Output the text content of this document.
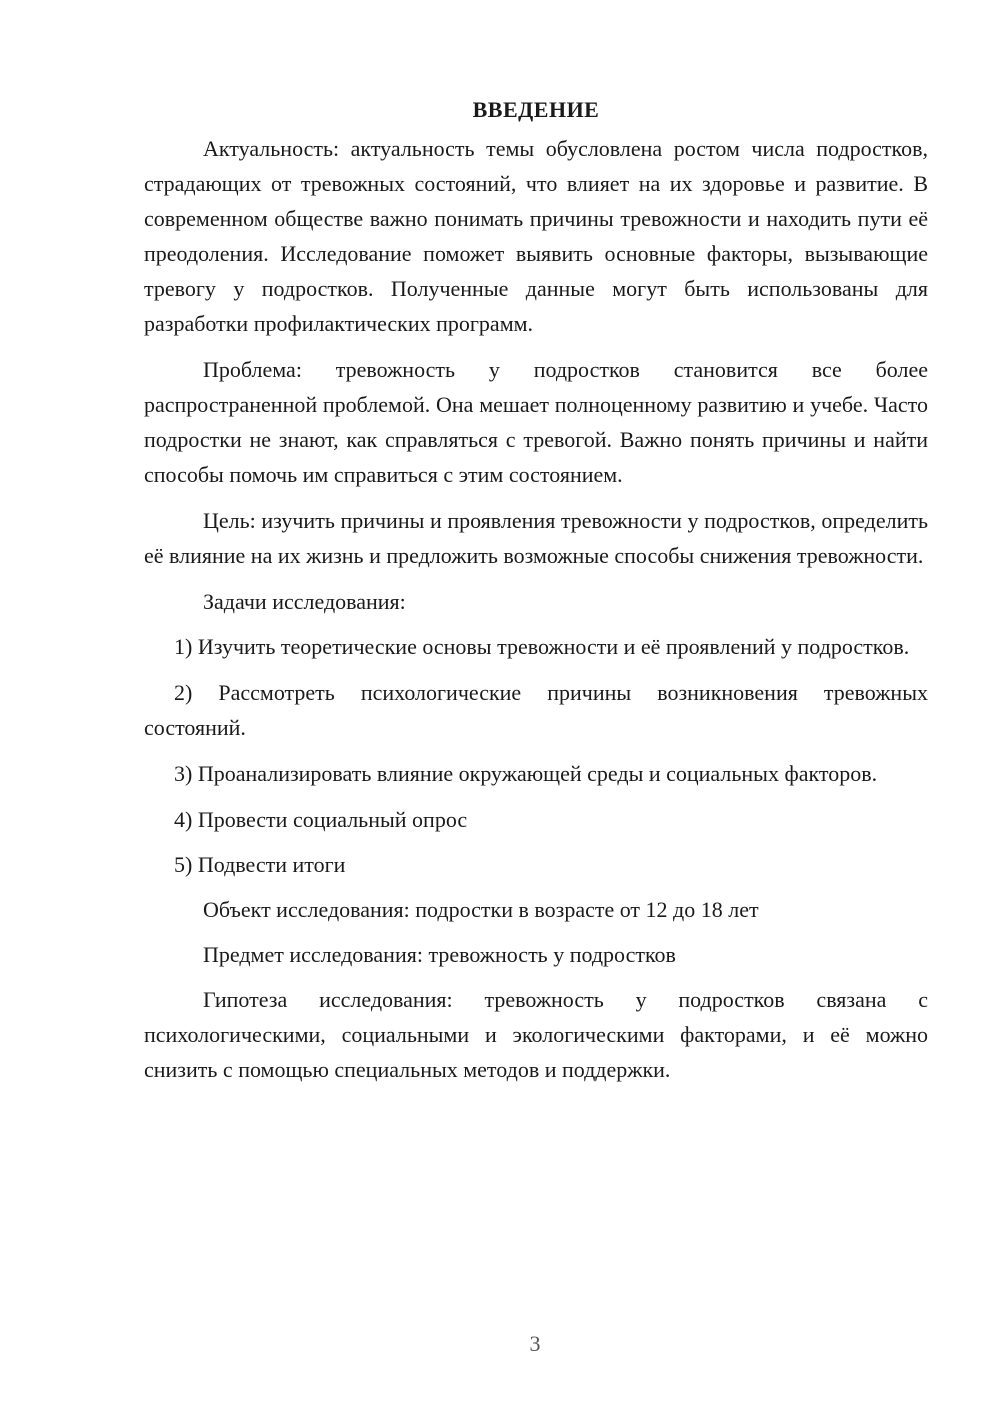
ВВЕДЕНИЕ

Актуальность: актуальность темы обусловлена ростом числа подростков, страдающих от тревожных состояний, что влияет на их здоровье и развитие. В современном обществе важно понимать причины тревожности и находить пути её преодоления. Исследование поможет выявить основные факторы, вызывающие тревогу у подростков. Полученные данные могут быть использованы для разработки профилактических программ.

Проблема: тревожность у подростков становится все более распространенной проблемой. Она мешает полноценному развитию и учебе. Часто подростки не знают, как справляться с тревогой. Важно понять причины и найти способы помочь им справиться с этим состоянием.

Цель: изучить причины и проявления тревожности у подростков, определить её влияние на их жизнь и предложить возможные способы снижения тревожности.

Задачи исследования:

1) Изучить теоретические основы тревожности и её проявлений у подростков.

2) Рассмотреть психологические причины возникновения тревожных состояний.

3) Проанализировать влияние окружающей среды и социальных факторов.

4) Провести социальный опрос

5) Подвести итоги

Объект исследования: подростки в возрасте от 12 до 18 лет

Предмет исследования: тревожность у подростков

Гипотеза исследования: тревожность у подростков связана с психологическими, социальными и экологическими факторами, и её можно снизить с помощью специальных методов и поддержки.

3
